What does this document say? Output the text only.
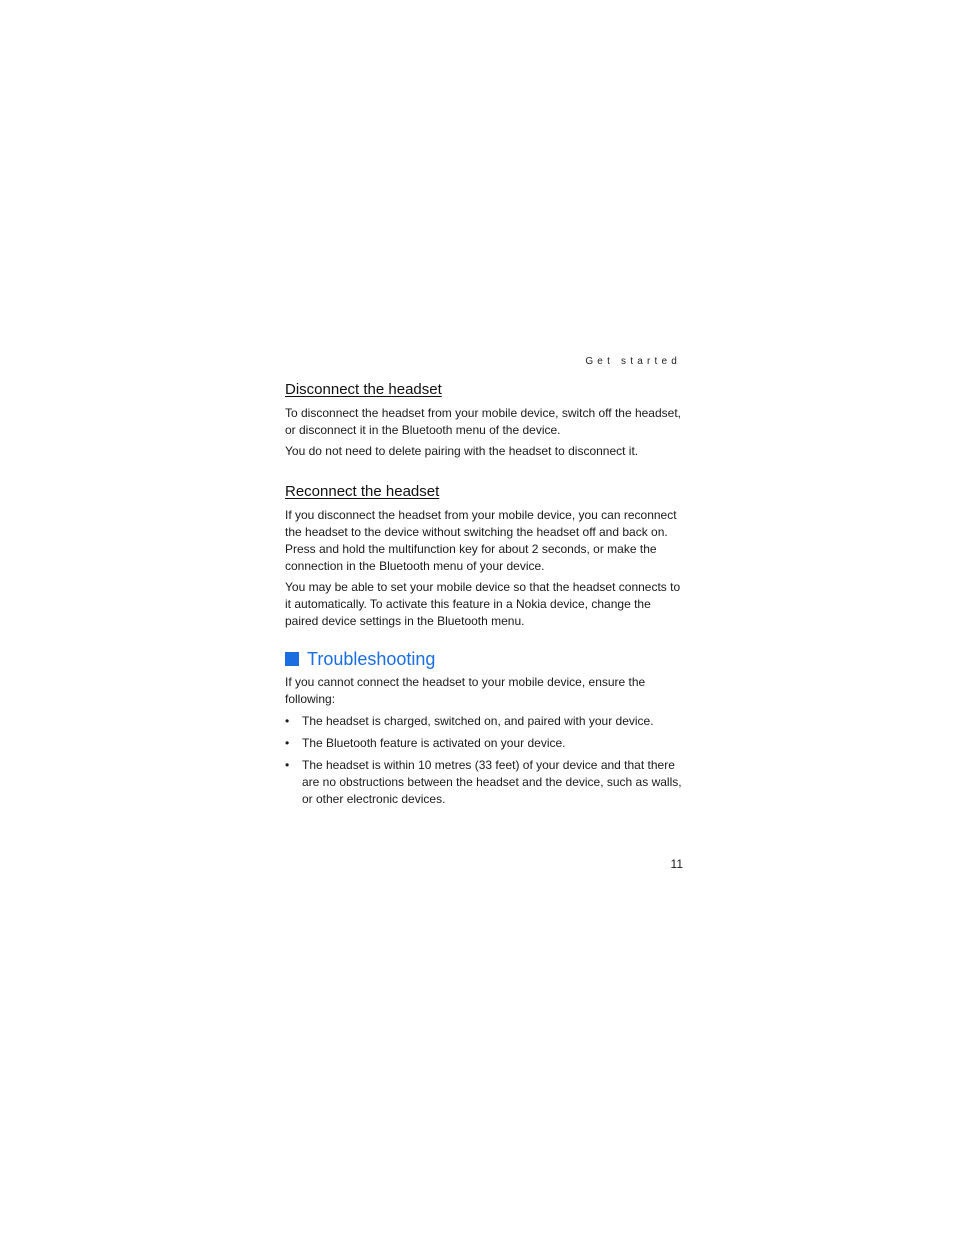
Get started
Disconnect the headset

To disconnect the headset from your mobile device, switch off the headset, or disconnect it in the Bluetooth menu of the device.

You do not need to delete pairing with the headset to disconnect it.

Reconnect the headset

If you disconnect the headset from your mobile device, you can reconnect the headset to the device without switching the headset off and back on. Press and hold the multifunction key for about 2 seconds, or make the connection in the Bluetooth menu of your device.

You may be able to set your mobile device so that the headset connects to it automatically. To activate this feature in a Nokia device, change the paired device settings in the Bluetooth menu.

Troubleshooting

If you cannot connect the headset to your mobile device, ensure the following:

• The headset is charged, switched on, and paired with your device.
• The Bluetooth feature is activated on your device.
• The headset is within 10 metres (33 feet) of your device and that there are no obstructions between the headset and the device, such as walls, or other electronic devices.
11
